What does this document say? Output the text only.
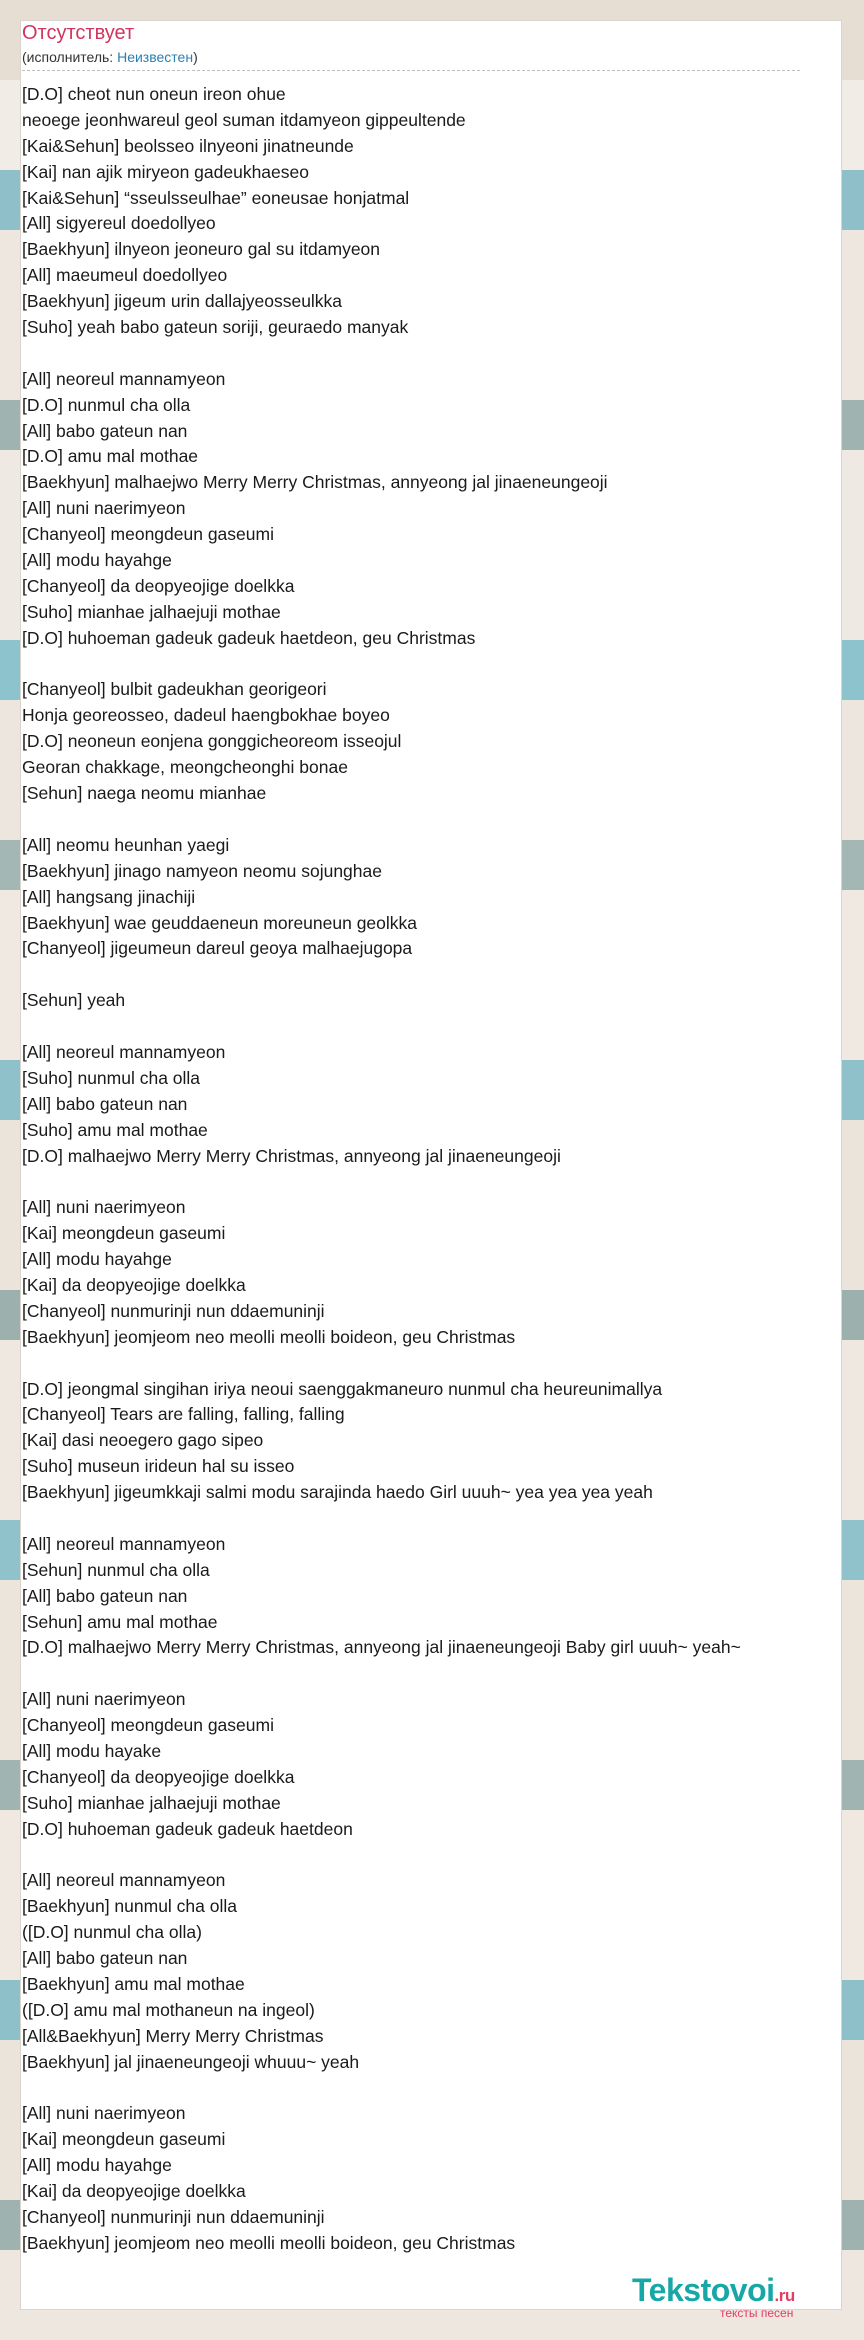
Отсутствует
(исполнитель: Неизвестен)
[D.O] cheot nun oneun ireon ohue
neoege jeonhwareul geol suman itdamyeon gippeultende
[Kai&Sehun] beolsseo ilnyeoni jinatneunde
[Kai] nan ajik miryeon gadeukhaeseo
[Kai&Sehun] “sseulsseulhae” eoneusae honjatmal
[All] sigyereul doedollyeo
[Baekhyun] ilnyeon jeoneuro gal su itdamyeon
[All] maeumeul doedollyeo
[Baekhyun] jigeum urin dallajyeosseulkka
[Suho] yeah babo gateun soriji, geuraedo manyak
[All] neoreul mannamyeon
[D.O] nunmul cha olla
[All] babo gateun nan
[D.O] amu mal mothae
[Baekhyun] malhaejwo Merry Merry Christmas, annyeong jal jinaeneungeoji
[All] nuni naerimyeon
[Chanyeol] meongdeun gaseumi
[All] modu hayahge
[Chanyeol] da deopyeojige doelkka
[Suho] mianhae jalhaejuji mothae
[D.O] huhoeman gadeuk gadeuk haetdeon, geu Christmas
[Chanyeol] bulbit gadeukhan georigeori
Honja georeosseo, dadeul haengbokhae boyeo
[D.O] neoneun eonjena gonggicheoreom isseojul
Georan chakkage, meongcheonghi bonae
[Sehun] naega neomu mianhae
[All] neomu heunhan yaegi
[Baekhyun] jinago namyeon neomu sojunghae
[All] hangsang jinachiji
[Baekhyun] wae geuddaeneun moreuneun geolkka
[Chanyeol] jigeumeun dareul geoya malhaejugopa
[Sehun] yeah
[All] neoreul mannamyeon
[Suho] nunmul cha olla
[All] babo gateun nan
[Suho] amu mal mothae
[D.O] malhaejwo Merry Merry Christmas, annyeong jal jinaeneungeoji
[All] nuni naerimyeon
[Kai] meongdeun gaseumi
[All] modu hayahge
[Kai] da deopyeojige doelkka
[Chanyeol] nunmurinji nun ddaemuninji
[Baekhyun] jeomjeom neo meolli meolli boideon, geu Christmas
[D.O] jeongmal singihan iriya neoui saenggakmaneuro nunmul cha heureunimallya
[Chanyeol] Tears are falling, falling, falling
[Kai] dasi neoegero gago sipeo
[Suho] museun irideun hal su isseo
[Baekhyun] jigeumkkaji salmi modu sarajinda haedo Girl uuuh~ yea yea yea yeah
[All] neoreul mannamyeon
[Sehun] nunmul cha olla
[All] babo gateun nan
[Sehun] amu mal mothae
[D.O] malhaejwo Merry Merry Christmas, annyeong jal jinaeneungeoji Baby girl uuuh~ yeah~
[All] nuni naerimyeon
[Chanyeol] meongdeun gaseumi
[All] modu hayake
[Chanyeol] da deopyeojige doelkka
[Suho] mianhae jalhaejuji mothae
[D.O] huhoeman gadeuk gadeuk haetdeon
[All] neoreul mannamyeon
[Baekhyun] nunmul cha olla
([D.O] nunmul cha olla)
[All] babo gateun nan
[Baekhyun] amu mal mothae
([D.O] amu mal mothaneun na ingeol)
[All&Baekhyun] Merry Merry Christmas
[Baekhyun] jal jinaeneungeoji whuuu~ yeah
[All] nuni naerimyeon
[Kai] meongdeun gaseumi
[All] modu hayahge
[Kai] da deopyeojige doelkka
[Chanyeol] nunmurinji nun ddaemuninji
[Baekhyun] jeomjeom neo meolli meolli boideon, geu Christmas
Tekstovoi.ru
тексты песен
